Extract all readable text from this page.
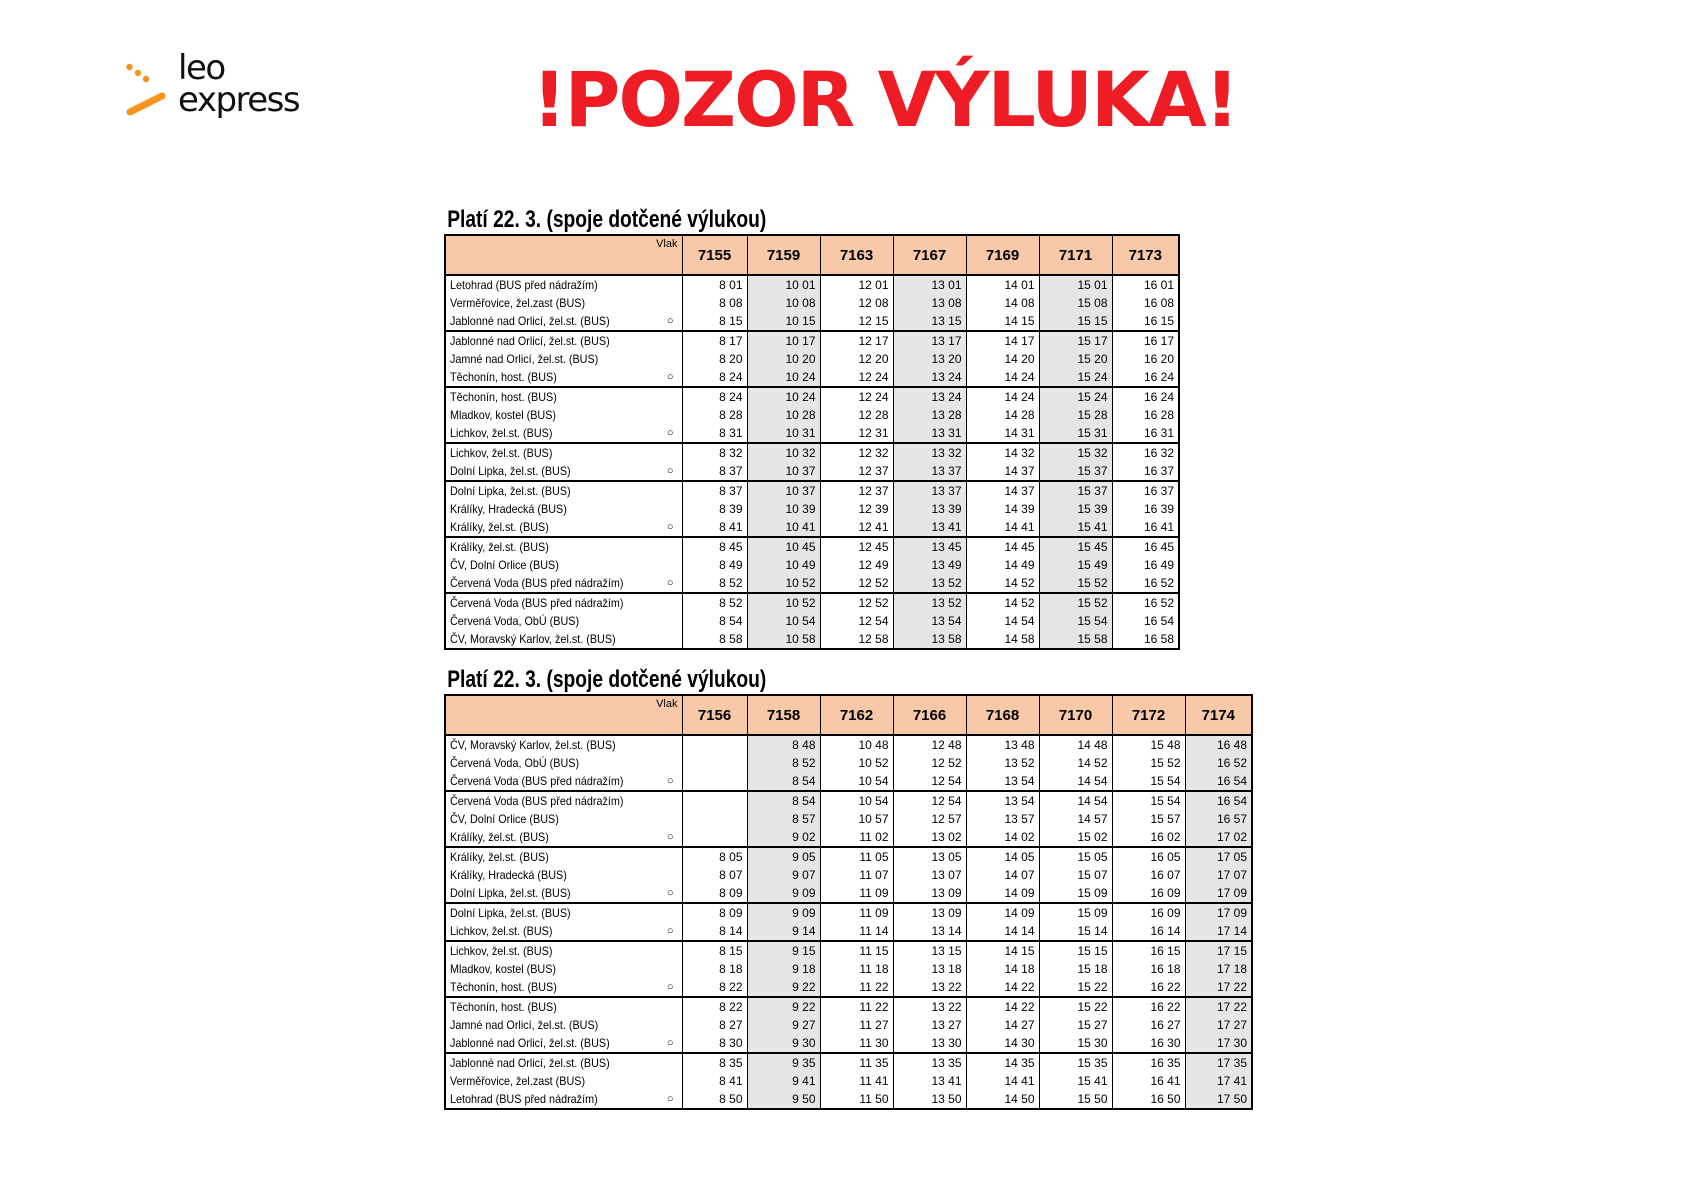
leo
express	!POZOR VÝLUKA!
Platí 22. 3. (spoje dotčené výlukou)
Vlak	7155	7159	7163	7167	7169	7171	7173
Letohrad (BUS před nádražím)	8 01	10 01	12 01	13 01	14 01	15 01	16 01
Verměřovice, žel.zast (BUS)	8 08	10 08	12 08	13 08	14 08	15 08	16 08
Jablonné nad Orlicí, žel.st. (BUS) ○	8 15	10 15	12 15	13 15	14 15	15 15	16 15
Jablonné nad Orlicí, žel.st. (BUS)	8 17	10 17	12 17	13 17	14 17	15 17	16 17
Jamné nad Orlicí, žel.st. (BUS)	8 20	10 20	12 20	13 20	14 20	15 20	16 20
Těchonín, host. (BUS) ○	8 24	10 24	12 24	13 24	14 24	15 24	16 24
Těchonín, host. (BUS)	8 24	10 24	12 24	13 24	14 24	15 24	16 24
Mladkov, kostel (BUS)	8 28	10 28	12 28	13 28	14 28	15 28	16 28
Lichkov, žel.st. (BUS) ○	8 31	10 31	12 31	13 31	14 31	15 31	16 31
Lichkov, žel.st. (BUS)	8 32	10 32	12 32	13 32	14 32	15 32	16 32
Dolní Lipka, žel.st. (BUS) ○	8 37	10 37	12 37	13 37	14 37	15 37	16 37
Dolní Lipka, žel.st. (BUS)	8 37	10 37	12 37	13 37	14 37	15 37	16 37
Králíky, Hradecká (BUS)	8 39	10 39	12 39	13 39	14 39	15 39	16 39
Králíky, žel.st. (BUS) ○	8 41	10 41	12 41	13 41	14 41	15 41	16 41
Králíky, žel.st. (BUS)	8 45	10 45	12 45	13 45	14 45	15 45	16 45
ČV, Dolní Orlice (BUS)	8 49	10 49	12 49	13 49	14 49	15 49	16 49
Červená Voda (BUS před nádražím) ○	8 52	10 52	12 52	13 52	14 52	15 52	16 52
Červená Voda (BUS před nádražím)	8 52	10 52	12 52	13 52	14 52	15 52	16 52
Červená Voda, ObÚ (BUS)	8 54	10 54	12 54	13 54	14 54	15 54	16 54
ČV, Moravský Karlov, žel.st. (BUS)	8 58	10 58	12 58	13 58	14 58	15 58	16 58
Platí 22. 3. (spoje dotčené výlukou)
Vlak	7156	7158	7162	7166	7168	7170	7172	7174
ČV, Moravský Karlov, žel.st. (BUS)		8 48	10 48	12 48	13 48	14 48	15 48	16 48
Červená Voda, ObÚ (BUS)		8 52	10 52	12 52	13 52	14 52	15 52	16 52
Červená Voda (BUS před nádražím) ○		8 54	10 54	12 54	13 54	14 54	15 54	16 54
Červená Voda (BUS před nádražím)		8 54	10 54	12 54	13 54	14 54	15 54	16 54
ČV, Dolní Orlice (BUS)		8 57	10 57	12 57	13 57	14 57	15 57	16 57
Králíky, žel.st. (BUS) ○		9 02	11 02	13 02	14 02	15 02	16 02	17 02
Králíky, žel.st. (BUS)	8 05	9 05	11 05	13 05	14 05	15 05	16 05	17 05
Králíky, Hradecká (BUS)	8 07	9 07	11 07	13 07	14 07	15 07	16 07	17 07
Dolní Lipka, žel.st. (BUS) ○	8 09	9 09	11 09	13 09	14 09	15 09	16 09	17 09
Dolní Lipka, žel.st. (BUS)	8 09	9 09	11 09	13 09	14 09	15 09	16 09	17 09
Lichkov, žel.st. (BUS) ○	8 14	9 14	11 14	13 14	14 14	15 14	16 14	17 14
Lichkov, žel.st. (BUS)	8 15	9 15	11 15	13 15	14 15	15 15	16 15	17 15
Mladkov, kostel (BUS)	8 18	9 18	11 18	13 18	14 18	15 18	16 18	17 18
Těchonín, host. (BUS) ○	8 22	9 22	11 22	13 22	14 22	15 22	16 22	17 22
Těchonín, host. (BUS)	8 22	9 22	11 22	13 22	14 22	15 22	16 22	17 22
Jamné nad Orlicí, žel.st. (BUS)	8 27	9 27	11 27	13 27	14 27	15 27	16 27	17 27
Jablonné nad Orlicí, žel.st. (BUS) ○	8 30	9 30	11 30	13 30	14 30	15 30	16 30	17 30
Jablonné nad Orlicí, žel.st. (BUS)	8 35	9 35	11 35	13 35	14 35	15 35	16 35	17 35
Verměřovice, žel.zast (BUS)	8 41	9 41	11 41	13 41	14 41	15 41	16 41	17 41
Letohrad (BUS před nádražím) ○	8 50	9 50	11 50	13 50	14 50	15 50	16 50	17 50
